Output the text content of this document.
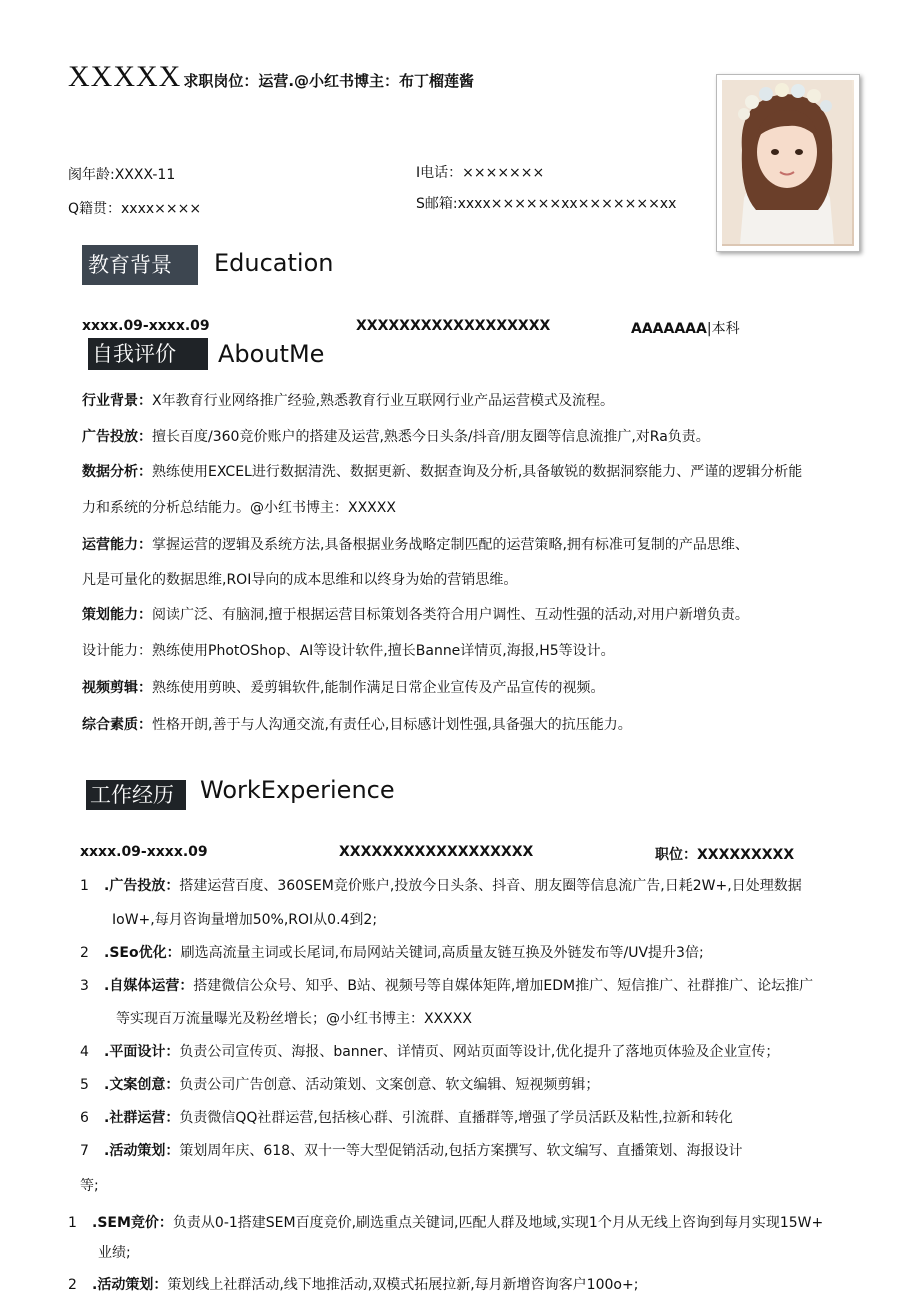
XXXXX 求职岗位：运营.@小红书博主：布丁榴莲酱
阂年龄:XXXX-11	I电话：×××××××
Q籍贯：xxxx××××	S邮箱:xxxx××××××xx×××××××xx
教育背景	Education
xxxx.09-xxxx.09	XXXXXXXXXXXXXXXXXX	AAAAAAA|本科
自我评价	AboutMe
行业背景：X年教育行业网络推广经验,熟悉教育行业互联网行业产品运营模式及流程。
广告投放：擅长百度/360竞价账户的搭建及运营,熟悉今日头条/抖音/朋友圈等信息流推广,对Ra负责。
数据分析：熟练使用EXCEL进行数据清洗、数据更新、数据查询及分析,具备敏锐的数据洞察能力、严谨的逻辑分析能
力和系统的分析总结能力。@小红书博主：XXXXX
运营能力：掌握运营的逻辑及系统方法,具备根据业务战略定制匹配的运营策略,拥有标准可复制的产品思维、
凡是可量化的数据思维,ROI导向的成本思维和以终身为始的营销思维。
策划能力：阅读广泛、有脑洞,擅于根据运营目标策划各类符合用户调性、互动性强的活动,对用户新增负责。
设计能力：熟练使用PhotOShop、AI等设计软件,擅长Banne详情页,海报,H5等设计。
视频剪辑：熟练使用剪映、爰剪辑软件,能制作满足日常企业宣传及产品宣传的视频。
综合素质：性格开朗,善于与人沟通交流,有责任心,目标感计划性强,具备强大的抗压能力。
工作经历	WorkExperience
xxxx.09-xxxx.09	XXXXXXXXXXXXXXXXXX	职位：XXXXXXXXX
1 .广告投放：搭建运营百度、360SEM竞价账户,投放今日头条、抖音、朋友圈等信息流广告,日耗2W+,日处理数据
IoW+,每月咨询量增加50%,ROI从0.4到2;
2 .SEo优化：刷选高流量主词或长尾词,布局网站关键词,高质量友链互换及外链发布等/UV提升3倍;
3 .自媒体运营：搭建微信公众号、知乎、B站、视频号等自媒体矩阵,增加EDM推广、短信推广、社群推广、论坛推广
等实现百万流量曝光及粉丝增长；@小红书博主：XXXXX
4 .平面设计：负责公司宣传页、海报、banner、详情页、网站页面等设计,优化提升了落地页体验及企业宣传；
5 .文案创意：负责公司广告创意、活动策划、文案创意、软文编辑、短视频剪辑；
6 .社群运营：负责微信QQ社群运营,包括核心群、引流群、直播群等,增强了学员活跃及粘性,拉新和转化
7 .活动策划：策划周年庆、618、双十一等大型促销活动,包括方案撰写、软文编写、直播策划、海报设计
等;
1 .SEM竞价：负责从0-1搭建SEM百度竞价,刷选重点关键词,匹配人群及地域,实现1个月从无线上咨询到每月实现15W+
业绩;
2 .活动策划：策划线上社群活动,线下地推活动,双模式拓展拉新,每月新增咨询客户100o+;
